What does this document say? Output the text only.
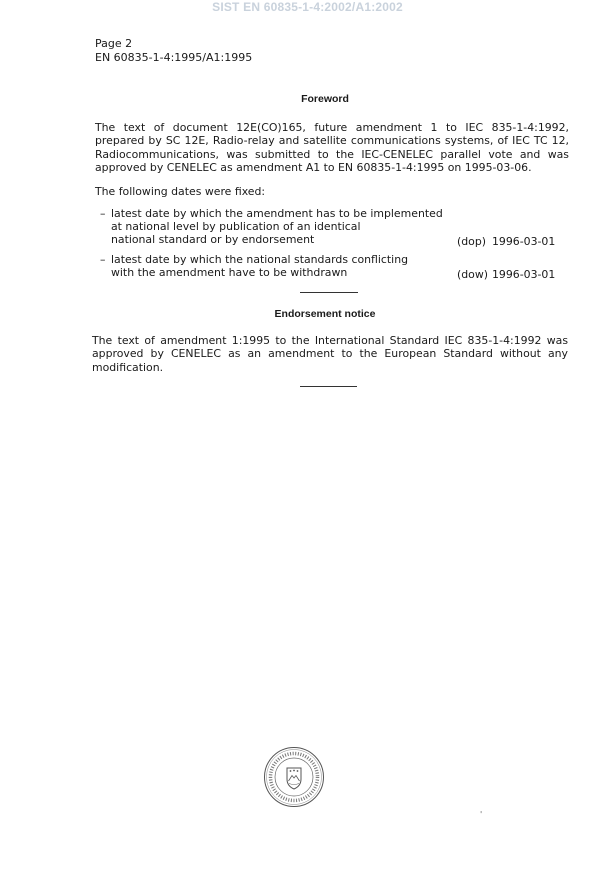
SIST EN 60835-1-4:2002/A1:2002
Page 2
EN 60835-1-4:1995/A1:1995
Foreword
The text of document 12E(CO)165, future amendment 1 to IEC 835-1-4:1992, prepared by SC 12E, Radio-relay and satellite communications systems, of IEC TC 12, Radiocommunications, was submitted to the IEC-CENELEC parallel vote and was approved by CENELEC as amendment A1 to EN 60835-1-4:1995 on 1995-03-06.
The following dates were fixed:
– latest date by which the amendment has to be implemented
at national level by publication of an identical
national standard or by endorsement	(dop) 1996-03-01
– latest date by which the national standards conflicting
with the amendment have to be withdrawn	(dow) 1996-03-01
Endorsement notice
The text of amendment 1:1995 to the International Standard IEC 835-1-4:1992 was approved by CENELEC as an amendment to the European Standard without any modification.
'
